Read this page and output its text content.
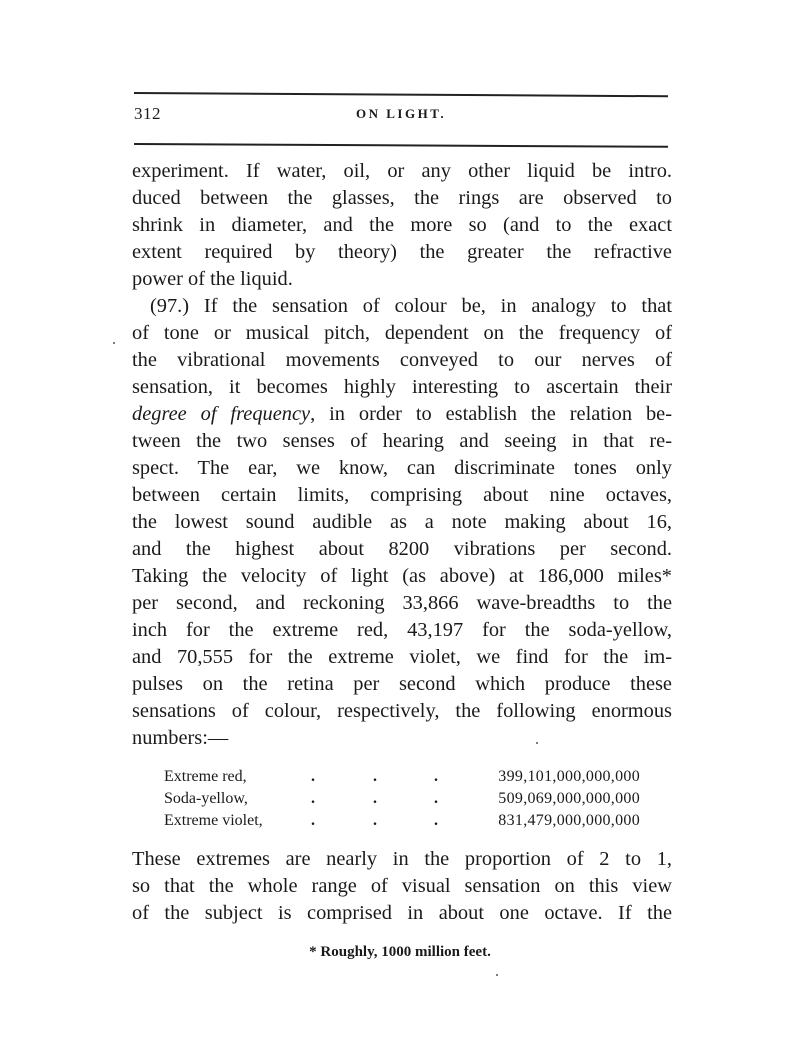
312	ON LIGHT.
experiment. If water, oil, or any other liquid be intro.
duced between the glasses, the rings are observed to
shrink in diameter, and the more so (and to the exact
extent required by theory) the greater the refractive
power of the liquid.
(97.) If the sensation of colour be, in analogy to that
of tone or musical pitch, dependent on the frequency of
the vibrational movements conveyed to our nerves of
sensation, it becomes highly interesting to ascertain their
degree of frequency, in order to establish the relation be-
tween the two senses of hearing and seeing in that re-
spect. The ear, we know, can discriminate tones only
between certain limits, comprising about nine octaves,
the lowest sound audible as a note making about 16,
and the highest about 8200 vibrations per second.
Taking the velocity of light (as above) at 186,000 miles*
per second, and reckoning 33,866 wave-breadths to the
inch for the extreme red, 43,197 for the soda-yellow,
and 70,555 for the extreme violet, we find for the im-
pulses on the retina per second which produce these
sensations of colour, respectively, the following enormous
numbers:—
Extreme red,	.	.	.	399,101,000,000,000
Soda-yellow,	.	.	.	509,069,000,000,000
Extreme violet,	.	.	.	831,479,000,000,000
These extremes are nearly in the proportion of 2 to 1,
so that the whole range of visual sensation on this view
of the subject is comprised in about one octave. If the
* Roughly, 1000 million feet.
